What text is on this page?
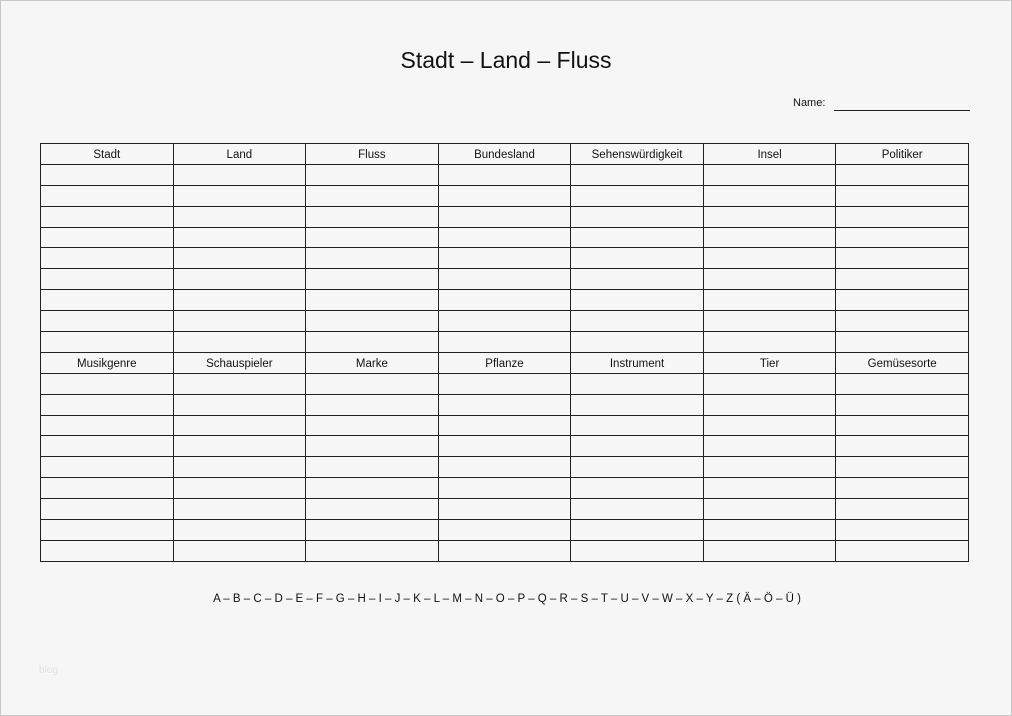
Stadt – Land – Fluss
Name:
Stadt	Land	Fluss	Bundesland	Sehenswürdigkeit	Insel	Politiker

Musikgenre	Schauspieler	Marke	Pflanze	Instrument	Tier	Gemüsesorte

A – B – C – D – E – F – G – H – I – J – K – L – M – N – O – P – Q – R – S – T – U – V – W – X – Y – Z ( Ä – Ö – Ü )
blog
